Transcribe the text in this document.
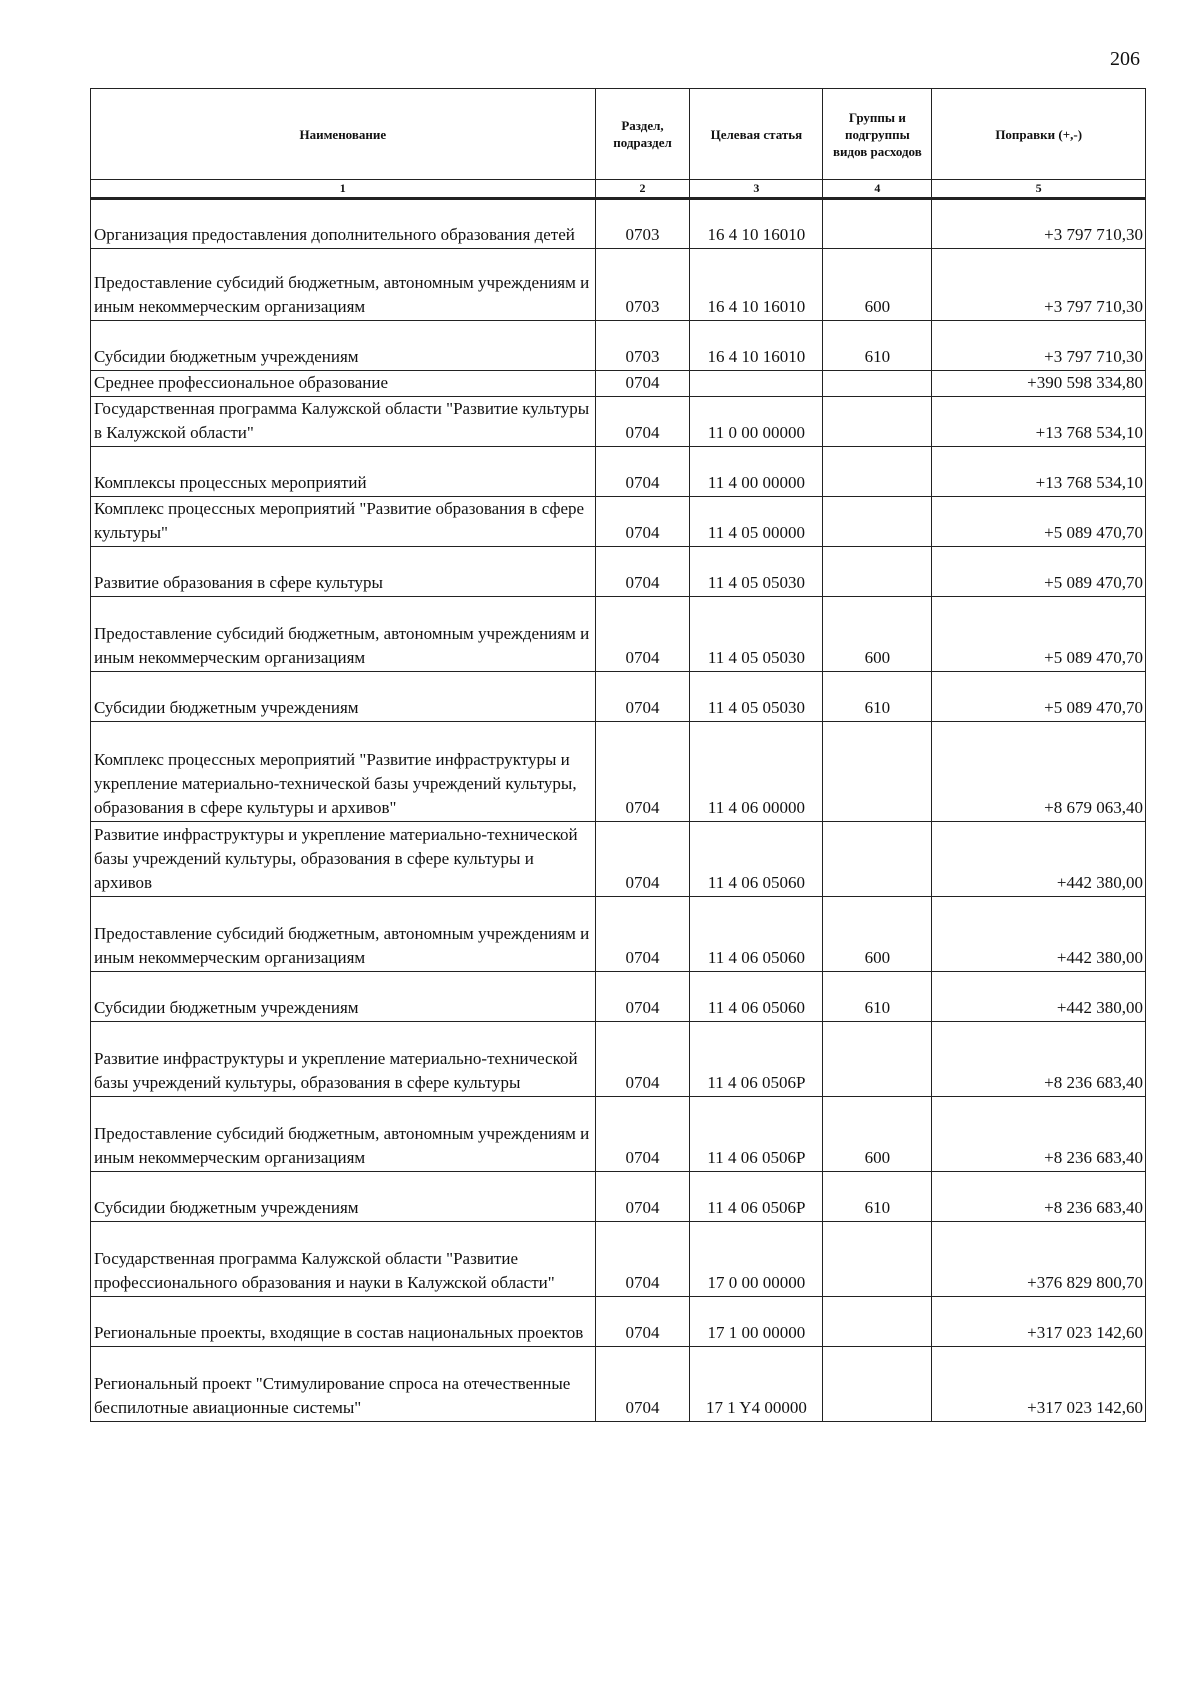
206
Наименование	Раздел, подраздел	Целевая статья	Группы и подгруппы видов расходов	Поправки (+,-)
1	2	3	4	5
Организация предоставления дополнительного образования детей	0703	16 4 10 16010		+3 797 710,30
Предоставление субсидий бюджетным, автономным учреждениям и иным некоммерческим организациям	0703	16 4 10 16010	600	+3 797 710,30
Субсидии бюджетным учреждениям	0703	16 4 10 16010	610	+3 797 710,30
Среднее профессиональное образование	0704			+390 598 334,80
Государственная программа Калужской области "Развитие культуры в Калужской области"	0704	11 0 00 00000		+13 768 534,10
Комплексы процессных мероприятий	0704	11 4 00 00000		+13 768 534,10
Комплекс процессных мероприятий "Развитие образования в сфере культуры"	0704	11 4 05 00000		+5 089 470,70
Развитие образования в сфере культуры	0704	11 4 05 05030		+5 089 470,70
Предоставление субсидий бюджетным, автономным учреждениям и иным некоммерческим организациям	0704	11 4 05 05030	600	+5 089 470,70
Субсидии бюджетным учреждениям	0704	11 4 05 05030	610	+5 089 470,70
Комплекс процессных мероприятий "Развитие инфраструктуры и укрепление материально-технической базы учреждений культуры, образования в сфере культуры и архивов"	0704	11 4 06 00000		+8 679 063,40
Развитие инфраструктуры и укрепление материально-технической базы учреждений культуры, образования в сфере культуры и архивов	0704	11 4 06 05060		+442 380,00
Предоставление субсидий бюджетным, автономным учреждениям и иным некоммерческим организациям	0704	11 4 06 05060	600	+442 380,00
Субсидии бюджетным учреждениям	0704	11 4 06 05060	610	+442 380,00
Развитие инфраструктуры и укрепление материально-технической базы учреждений культуры, образования в сфере культуры	0704	11 4 06 0506P		+8 236 683,40
Предоставление субсидий бюджетным, автономным учреждениям и иным некоммерческим организациям	0704	11 4 06 0506P	600	+8 236 683,40
Субсидии бюджетным учреждениям	0704	11 4 06 0506P	610	+8 236 683,40
Государственная программа Калужской области "Развитие профессионального образования и науки в Калужской области"	0704	17 0 00 00000		+376 829 800,70
Региональные проекты, входящие в состав национальных проектов	0704	17 1 00 00000		+317 023 142,60
Региональный проект "Стимулирование спроса на отечественные беспилотные авиационные системы"	0704	17 1 Y4 00000		+317 023 142,60
